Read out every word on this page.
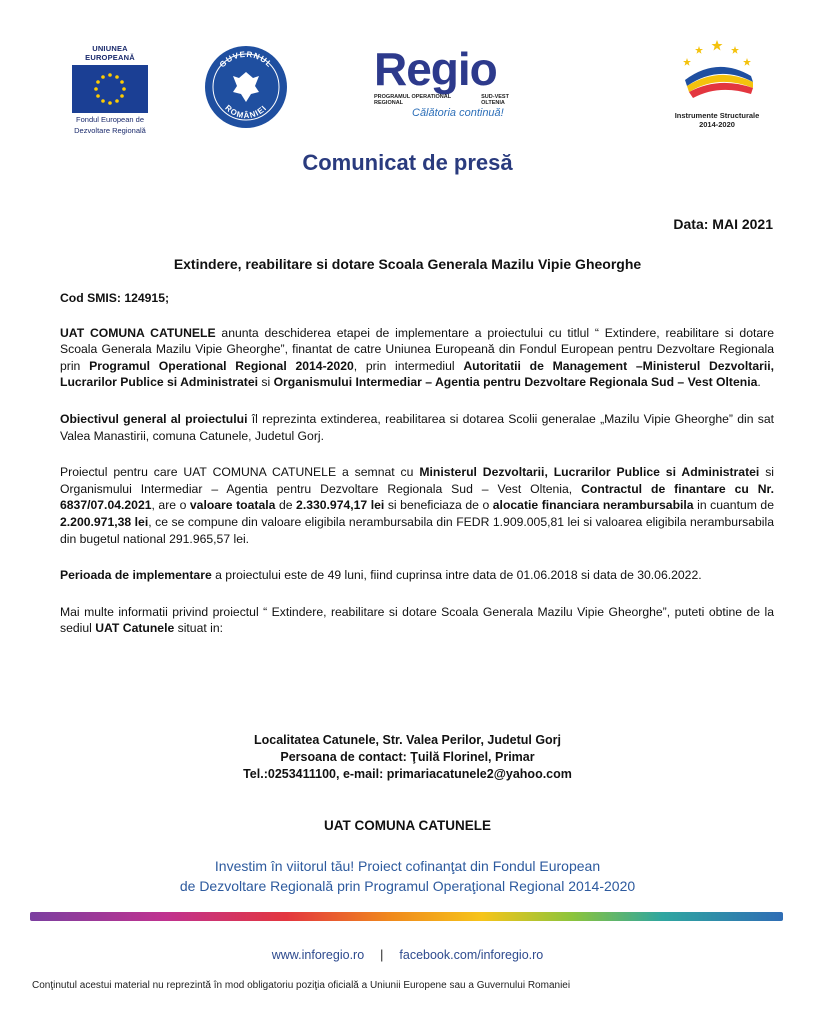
UNIUNEA EUROPEANĂ
Fondul European de
Dezvoltare Regională
GUVERNUL
ROMÂNIEI
Regio
PROGRAMUL OPERATIONAL REGIONAL
SUD-VEST OLTENIA
Călătoria continuă!	Instrumente Structurale
2014-2020
Comunicat de presă
Data: MAI 2021
Extindere, reabilitare si dotare Scoala Generala Mazilu Vipie Gheorghe

Cod SMIS: 124915;

UAT COMUNA CATUNELE anunta deschiderea etapei de implementare a proiectului cu titlul “ Extindere, reabilitare si dotare Scoala Generala Mazilu Vipie Gheorghe”, finantat de catre Uniunea Europeană din Fondul European pentru Dezvoltare Regionala prin Programul Operational Regional 2014-2020, prin intermediul Autoritatii de Management –Ministerul Dezvoltarii, Lucrarilor Publice si Administratei si Organismului Intermediar – Agentia pentru Dezvoltare Regionala Sud – Vest Oltenia.

Obiectivul general al proiectului îl reprezinta extinderea, reabilitarea si dotarea Scolii generalae „Mazilu Vipie Gheorghe” din sat Valea Manastirii, comuna Catunele, Judetul Gorj.

Proiectul pentru care UAT COMUNA CATUNELE a semnat cu Ministerul Dezvoltarii, Lucrarilor Publice si Administratei si Organismului Intermediar – Agentia pentru Dezvoltare Regionala Sud – Vest Oltenia, Contractul de finantare cu Nr. 6837/07.04.2021, are o valoare toatala de 2.330.974,17 lei si beneficiaza de o alocatie financiara nerambursabila in cuantum de 2.200.971,38 lei, ce se compune din valoare eligibila nerambursabila din FEDR 1.909.005,81 lei si valoarea eligibila nerambursabila din bugetul national 291.965,57 lei.

Perioada de implementare a proiectului este de 49 luni, fiind cuprinsa intre data de 01.06.2018 si data de 30.06.2022.

Mai multe informatii privind proiectul “ Extindere, reabilitare si dotare Scoala Generala Mazilu Vipie Gheorghe”, puteti obtine de la sediul UAT Catunele situat in:

Localitatea Catunele, Str. Valea Perilor, Judetul Gorj
Persoana de contact: Ţuilă Florinel, Primar
Tel.:0253411100, e-mail: primariacatunele2@yahoo.com
UAT COMUNA CATUNELE
Investim în viitorul tău! Proiect cofinanţat din Fondul European
de Dezvoltare Regională prin Programul Operaţional Regional 2014-2020
www.inforegio.ro | facebook.com/inforegio.ro
Conţinutul acestui material nu reprezintă în mod obligatoriu poziţia oficială a Uniunii Europene sau a Guvernului Romaniei
